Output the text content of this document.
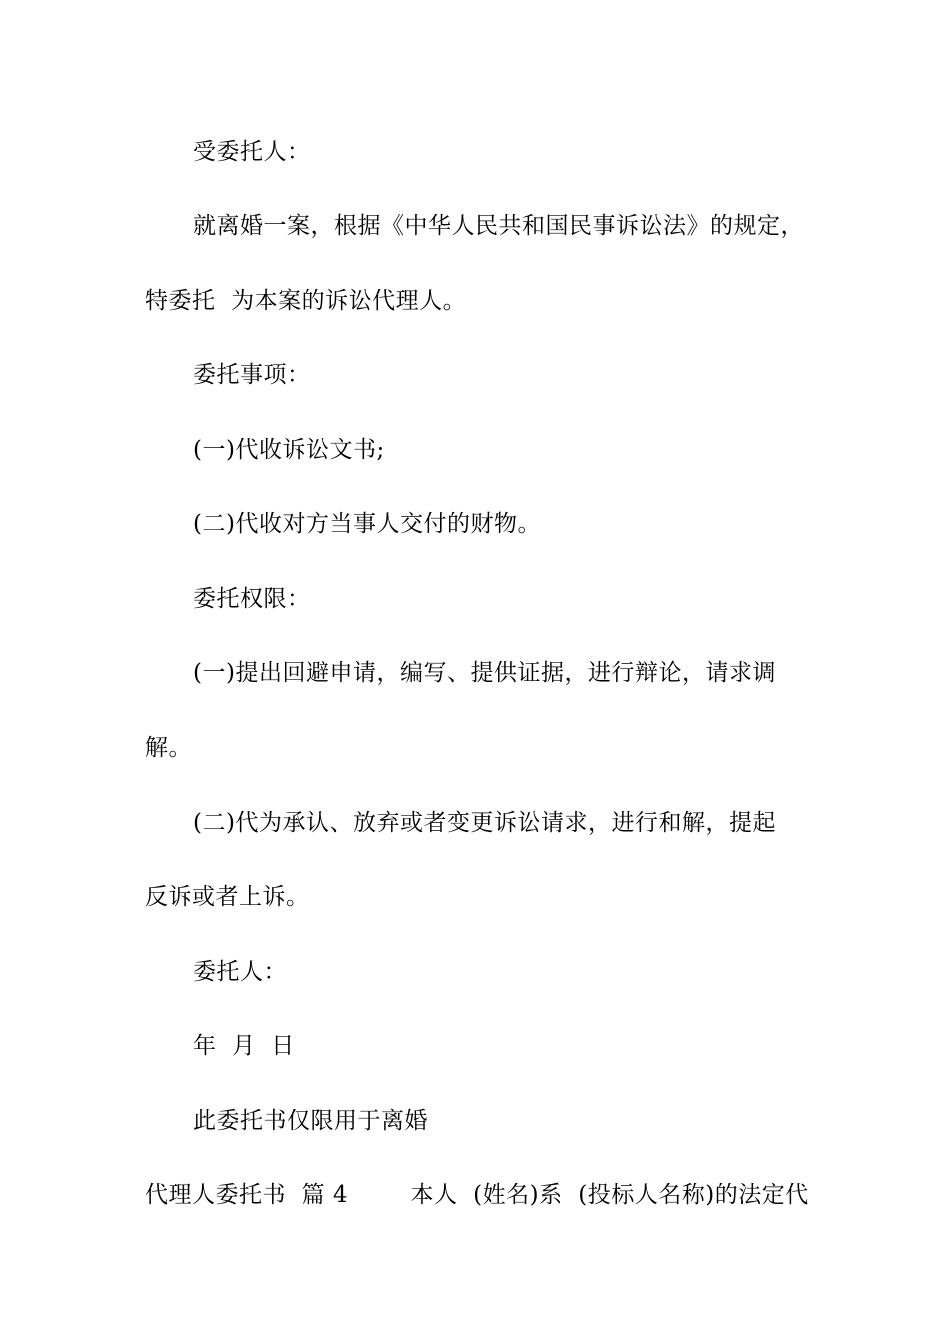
受委托人：
就离婚一案，根据《中华人民共和国民事诉讼法》的规定，
特委托  为本案的诉讼代理人。
委托事项：
(一)代收诉讼文书;
(二)代收对方当事人交付的财物。
委托权限：
(一)提出回避申请，编写、提供证据，进行辩论，请求调
解。
(二)代为承认、放弃或者变更诉讼请求，进行和解，提起
反诉或者上诉。
委托人：
年  月  日
此委托书仅限用于离婚
代理人委托书  篇 4        本人  (姓名)系  (投标人名称)的法定代
